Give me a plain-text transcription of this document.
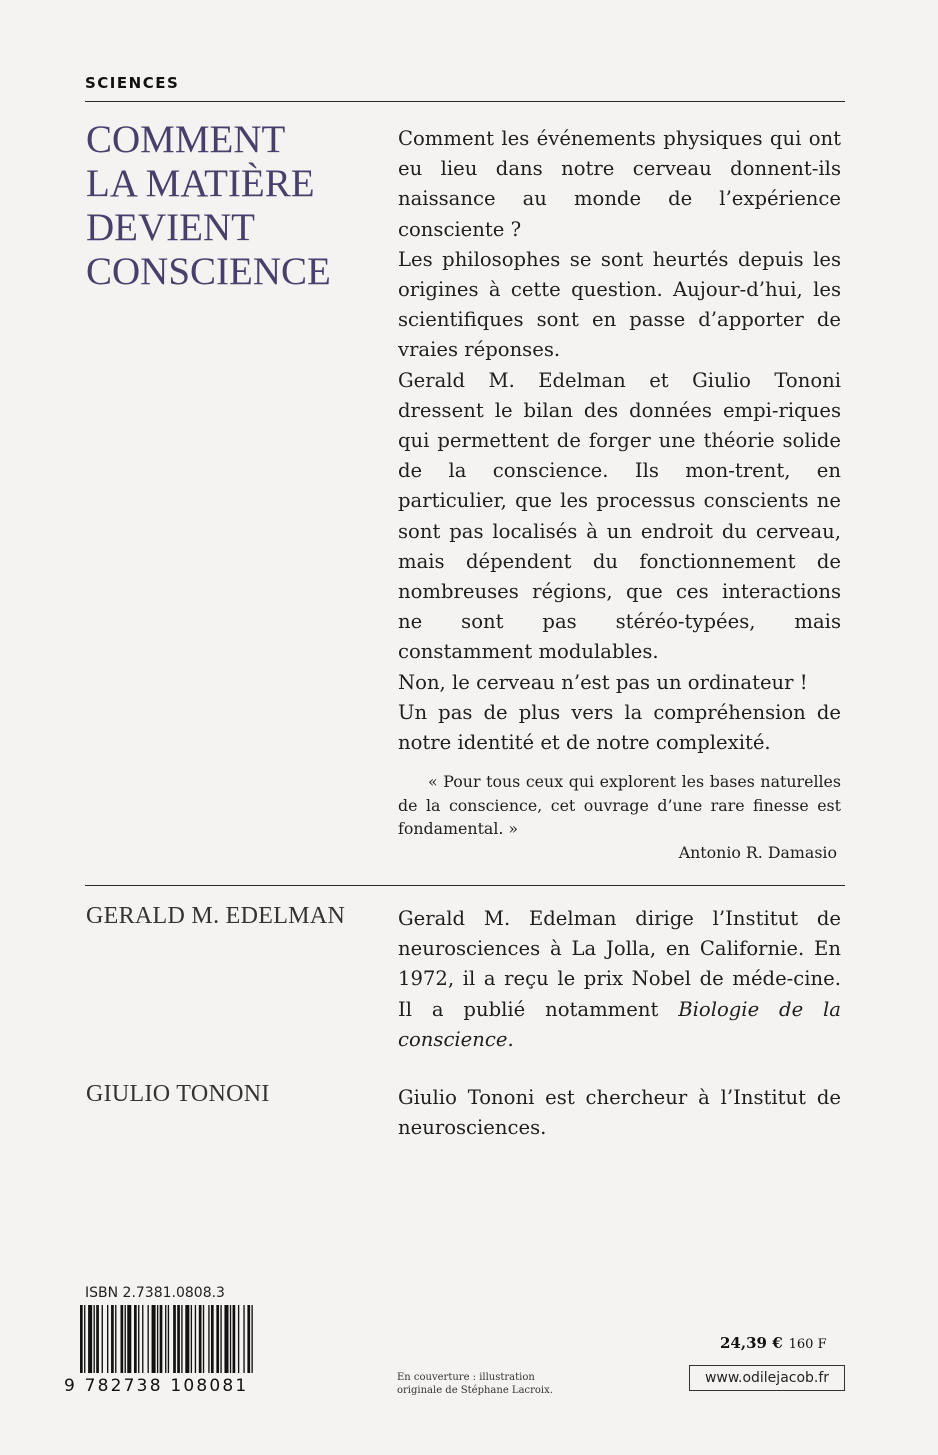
SCIENCES
COMMENT
LA MATIÈRE
DEVIENT
CONSCIENCE

Comment les événements physiques qui ont eu lieu dans notre cerveau donnent-ils naissance au monde de l’expérience consciente ?

Les philosophes se sont heurtés depuis les origines à cette question. Aujour-d’hui, les scientifiques sont en passe d’apporter de vraies réponses.

Gerald M. Edelman et Giulio Tononi dressent le bilan des données empi-riques qui permettent de forger une théorie solide de la conscience. Ils mon-trent, en particulier, que les processus conscients ne sont pas localisés à un endroit du cerveau, mais dépendent du fonctionnement de nombreuses régions, que ces interactions ne sont pas stéréo-typées, mais constamment modulables.

Non, le cerveau n’est pas un ordinateur !

Un pas de plus vers la compréhension de notre identité et de notre complexité.

« Pour tous ceux qui explorent les bases naturelles de la conscience, cet ouvrage d’une rare finesse est fondamental. »

Antonio R. Damasio
GERALD M. EDELMAN	Gerald M. Edelman dirige l’Institut de neurosciences à La Jolla, en Californie. En 1972, il a reçu le prix Nobel de méde-cine. Il a publié notamment Biologie de la conscience.

GIULIO TONONI	Giulio Tononi est chercheur à l’Institut de neurosciences.

ISBN 2.7381.0808.3
9 782738 108081	En couverture : illustration
originale de Stéphane Lacroix.
24,39 € 160 F
www.odilejacob.fr
